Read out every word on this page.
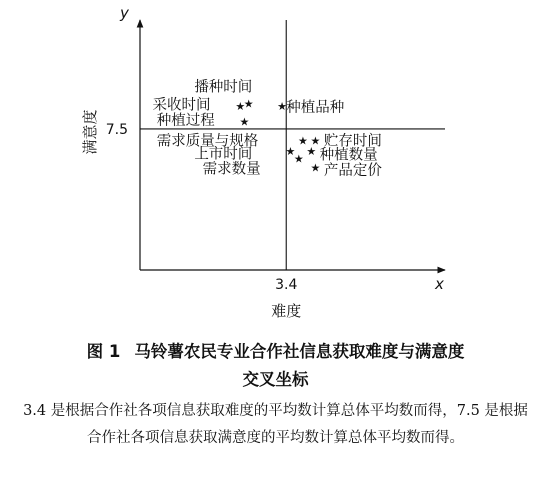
3.4
7.5
x
y
难度
满意度
★
★	★
★
★ ★
★ ★
★
★
播种时间
采收时间	种植品种
种植过程
需求质量与规格	贮存时间
上市时间	种植数量
需求数量	产品定价
图 1 马铃薯农民专业合作社信息获取难度与满意度
交叉坐标
3.4 是根据合作社各项信息获取难度的平均数计算总体平均数而得，7.5 是根据合作社各项信息获取满意度的平均数计算总体平均数而得。
